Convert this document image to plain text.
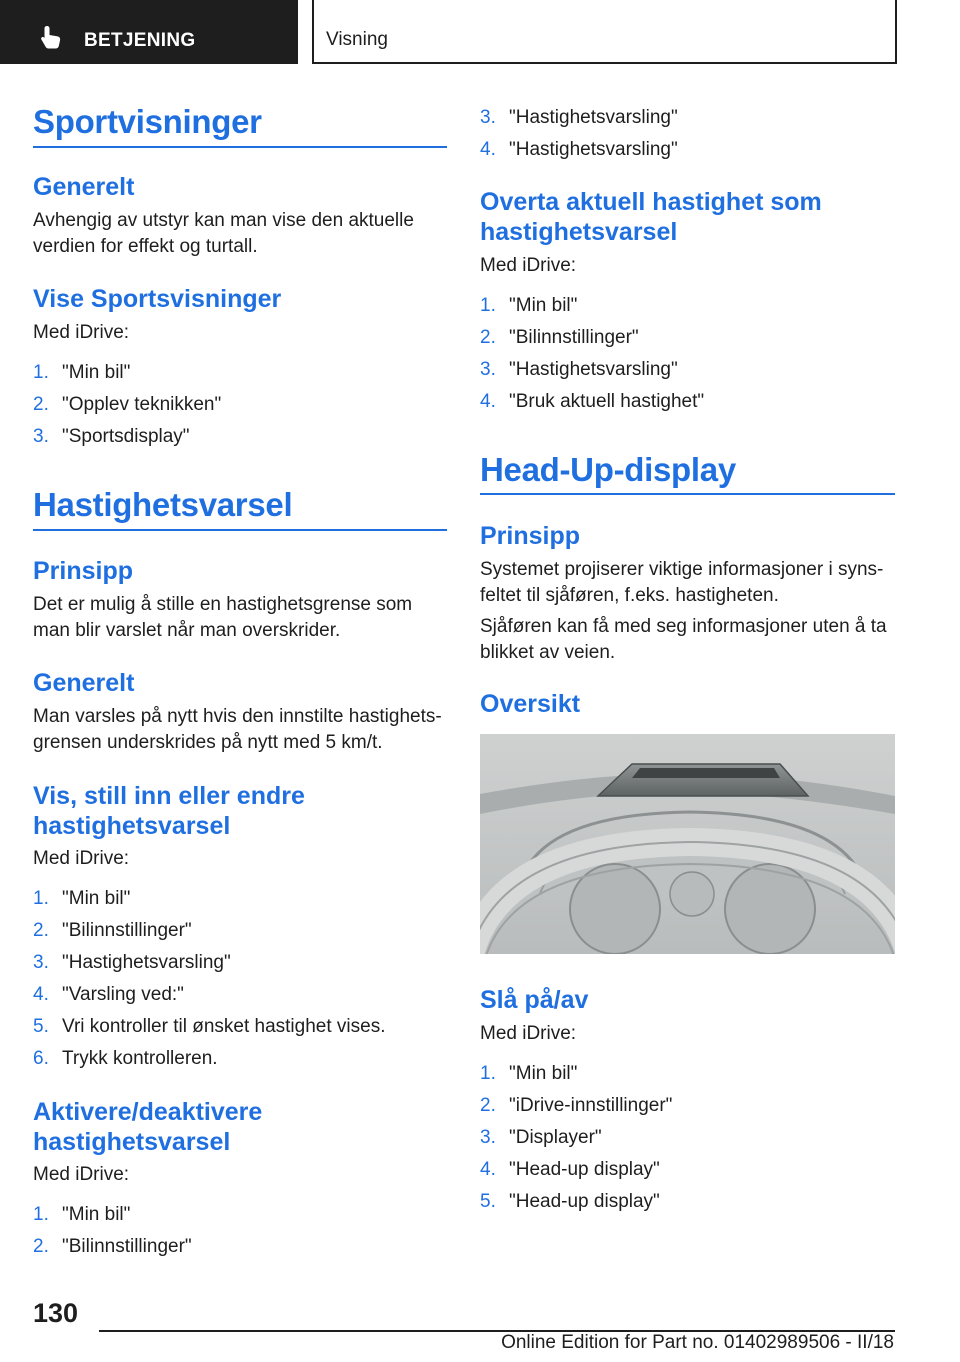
BETJENING	Visning
Sportvisninger
Generelt
Avhengig av utstyr kan man vise den aktuelle
verdien for effekt og turtall.
Vise Sportsvisninger
Med iDrive:
1. "Min bil"
2. "Opplev teknikken"
3. "Sportsdisplay"
Hastighetsvarsel
Prinsipp
Det er mulig å stille en hastighetsgrense som
man blir varslet når man overskrider.
Generelt
Man varsles på nytt hvis den innstilte hastighets-
grensen underskrides på nytt med 5 km/t.
Vis, still inn eller endre
hastighetsvarsel
Med iDrive:
1. "Min bil"
2. "Bilinnstillinger"
3. "Hastighetsvarsling"
4. "Varsling ved:"
5. Vri kontroller til ønsket hastighet vises.
6. Trykk kontrolleren.
Aktivere/deaktivere
hastighetsvarsel
Med iDrive:
1. "Min bil"
2. "Bilinnstillinger"
3. "Hastighetsvarsling"
4. "Hastighetsvarsling"
Overta aktuell hastighet som
hastighetsvarsel
Med iDrive:
1. "Min bil"
2. "Bilinnstillinger"
3. "Hastighetsvarsling"
4. "Bruk aktuell hastighet"
Head-Up-display
Prinsipp
Systemet projiserer viktige informasjoner i syns-
feltet til sjåføren, f.eks. hastigheten.
Sjåføren kan få med seg informasjoner uten å ta
blikket av veien.
Oversikt
Slå på/av
Med iDrive:
1. "Min bil"
2. "iDrive-innstillinger"
3. "Displayer"
4. "Head-up display"
5. "Head-up display"
130
Online Edition for Part no. 01402989506 - II/18
